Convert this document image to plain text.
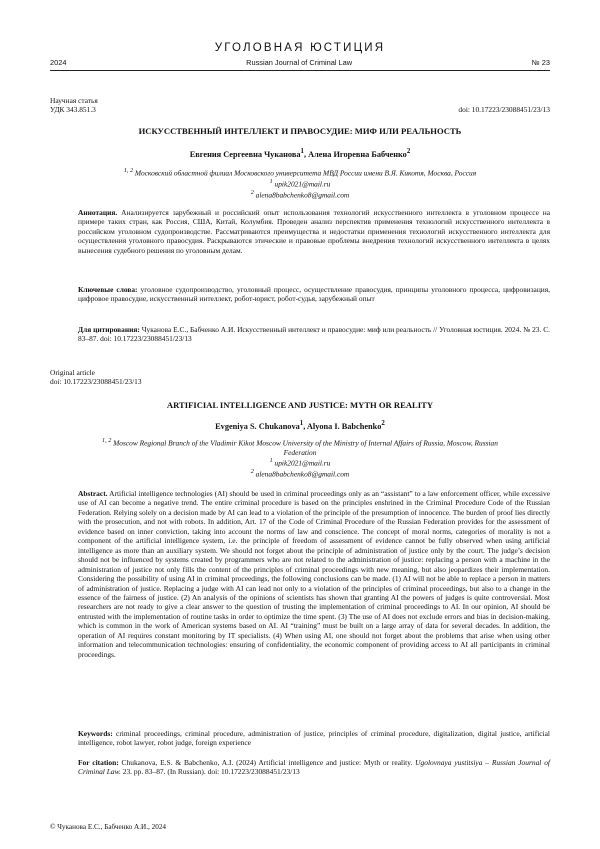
УГОЛОВНАЯ ЮСТИЦИЯ
2024	Russian Journal of Criminal Law	№ 23
Научная статья
УДК 343.851.3	doi: 10.17223/23088451/23/13
ИСКУССТВЕННЫЙ ИНТЕЛЛЕКТ И ПРАВОСУДИЕ: МИФ ИЛИ РЕАЛЬНОСТЬ
Евгения Сергеевна Чуканова$^1$, Алена Игоревна Бабченко$^2$
$^{1, 2}$ Московский областной филиал Московского университета МВД России имени В.Я. Кикотя, Москва, Россия
$^1$ upik2021@mail.ru
$^2$ alena8babchenko8@gmail.com
Аннотация. Анализируется зарубежный и российский опыт использования технологий искусственного интеллекта в уголовном процессе на примере таких стран, как Россия, США, Китай, Колумбия. Проведен анализ перспектив применения технологий искусственного интеллекта в российском уголовном судопроизводстве. Рассматриваются преимущества и недостатки применения технологий искусственного интеллекта для осуществления уголовного правосудия. Раскрываются этические и правовые проблемы внедрения технологий искусственного интеллекта в целях вынесения судебного решения по уголовным делам.
Ключевые слова: уголовное судопроизводство, уголовный процесс, осуществление правосудия, принципы уголовного процесса, цифровизация, цифровое правосудие, искусственный интеллект, робот-юрист, робот-судья, зарубежный опыт
Для цитирования: Чуканова Е.С., Бабченко А.И. Искусственный интеллект и правосудие: миф или реальность // Уголовная юстиция. 2024. № 23. С. 83–87. doi: 10.17223/23088451/23/13
Original article
doi: 10.17223/23088451/23/13
ARTIFICIAL INTELLIGENCE AND JUSTICE: MYTH OR REALITY
Evgeniya S. Chukanova$^1$, Alyona I. Babchenko$^2$
$^{1, 2}$ Moscow Regional Branch of the Vladimir Kikot Moscow University of the Ministry of Internal Affairs of Russia, Moscow, Russian Federation
$^1$ upik2021@mail.ru
$^2$ alena8babchenko8@gmail.com
Abstract. Artificial intelligence technologies (AI) should be used in criminal proceedings only as an “assistant” to a law enforcement officer, while excessive use of AI can become a negative trend. The entire criminal procedure is based on the principles enshrined in the Criminal Procedure Code of the Russian Federation. Relying solely on a decision made by AI can lead to a violation of the principle of the presumption of innocence. The burden of proof lies directly with the prosecution, and not with robots. In addition, Art. 17 of the Code of Criminal Procedure of the Russian Federation provides for the assessment of evidence based on inner conviction, taking into account the norms of law and conscience. The concept of moral norms, categories of morality is not a component of the artificial intelligence system, i.e. the principle of freedom of assessment of evidence cannot be fully observed when using artificial intelligence as more than an auxiliary system. We should not forget about the principle of administration of justice only by the court. The judge’s decision should not be influenced by systems created by programmers who are not related to the administration of justice: replacing a person with a machine in the administration of justice not only fills the content of the principles of criminal proceedings with new meaning, but also jeopardizes their implementation. Considering the possibility of using AI in criminal proceedings, the following conclusions can be made. (1) AI will not be able to replace a person in matters of administration of justice. Replacing a judge with AI can lead not only to a violation of the principles of criminal proceedings, but also to a change in the essence of the fairness of justice. (2) An analysis of the opinions of scientists has shown that granting AI the powers of judges is quite controversial. Most researchers are not ready to give a clear answer to the question of trusting the implementation of criminal proceedings to AI. In our opinion, AI should be entrusted with the implementation of routine tasks in order to optimize the time spent. (3) The use of AI does not exclude errors and bias in decision-making, which is common in the work of American systems based on AI. AI “training” must be built on a large array of data for several decades. In addition, the operation of AI requires constant monitoring by IT specialists. (4) When using AI, one should not forget about the problems that arise when using other information and telecommunication technologies: ensuring of confidentiality, the economic component of providing access to AI all participants in criminal proceedings.
Keywords: criminal proceedings, criminal procedure, administration of justice, principles of criminal procedure, digitalization, digital justice, artificial intelligence, robot lawyer, robot judge, foreign experience
For citation: Chukanova, E.S. & Babchenko, A.I. (2024) Artificial intelligence and justice: Myth or reality. Ugolovnaya yustitsiya – Russian Journal of Criminal Law. 23. pp. 83–87. (In Russian). doi: 10.17223/23088451/23/13
© Чуканова Е.С., Бабченко А.И., 2024
